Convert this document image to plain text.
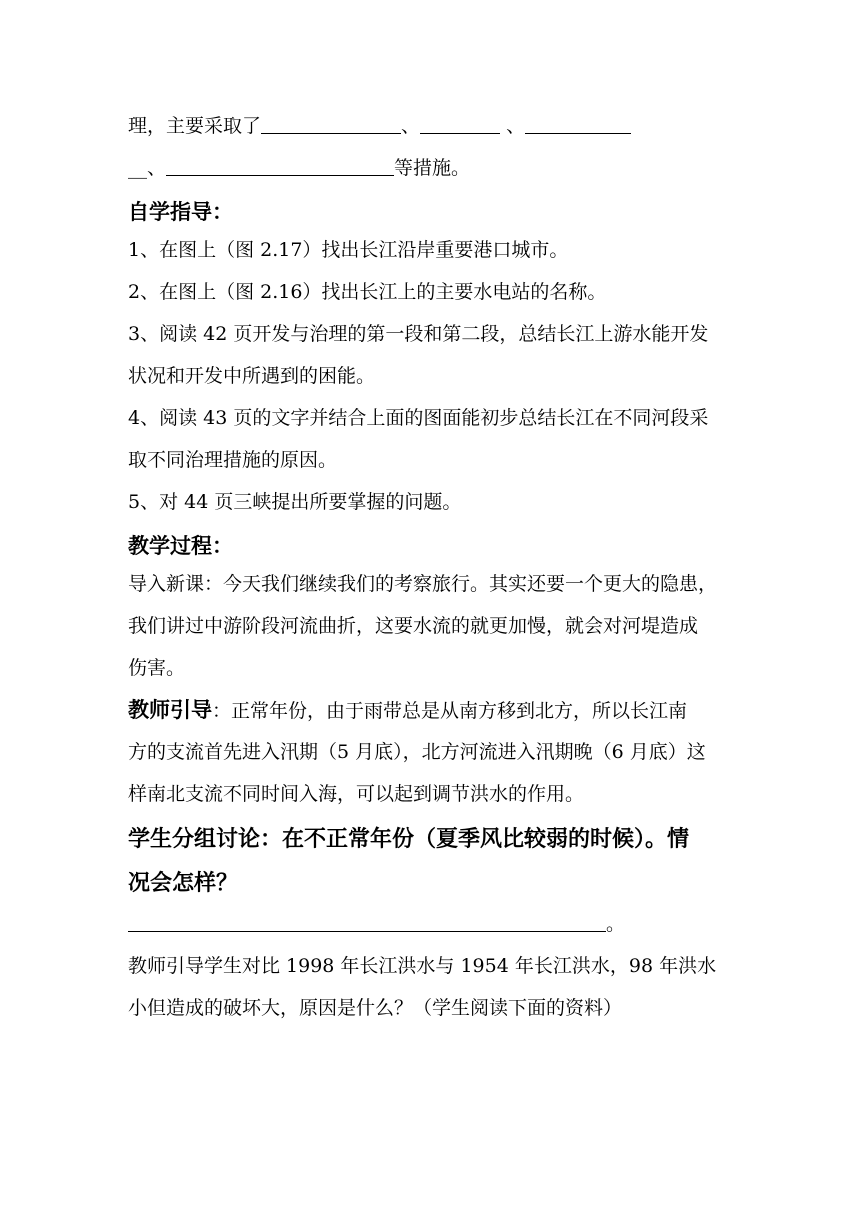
理，主要采取了	、	、
__、	等措施。
自学指导：
1、在图上（图 2.17）找出长江沿岸重要港口城市。
2、在图上（图 2.16）找出长江上的主要水电站的名称。
3、阅读 42 页开发与治理的第一段和第二段，总结长江上游水能开发
状况和开发中所遇到的困能。
4、阅读 43 页的文字并结合上面的图面能初步总结长江在不同河段采
取不同治理措施的原因。
5、对 44 页三峡提出所要掌握的问题。
教学过程：
导入新课：今天我们继续我们的考察旅行。其实还要一个更大的隐患，
我们讲过中游阶段河流曲折，这要水流的就更加慢，就会对河堤造成
伤害。
教师引导：正常年份，由于雨带总是从南方移到北方，所以长江南
方的支流首先进入汛期（5 月底），北方河流进入汛期晚（6 月底）这
样南北支流不同时间入海，可以起到调节洪水的作用。
学生分组讨论：在不正常年份（夏季风比较弱的时候）。情
况会怎样？
。
教师引导学生对比 1998 年长江洪水与 1954 年长江洪水，98 年洪水
小但造成的破坏大，原因是什么？（学生阅读下面的资料）
